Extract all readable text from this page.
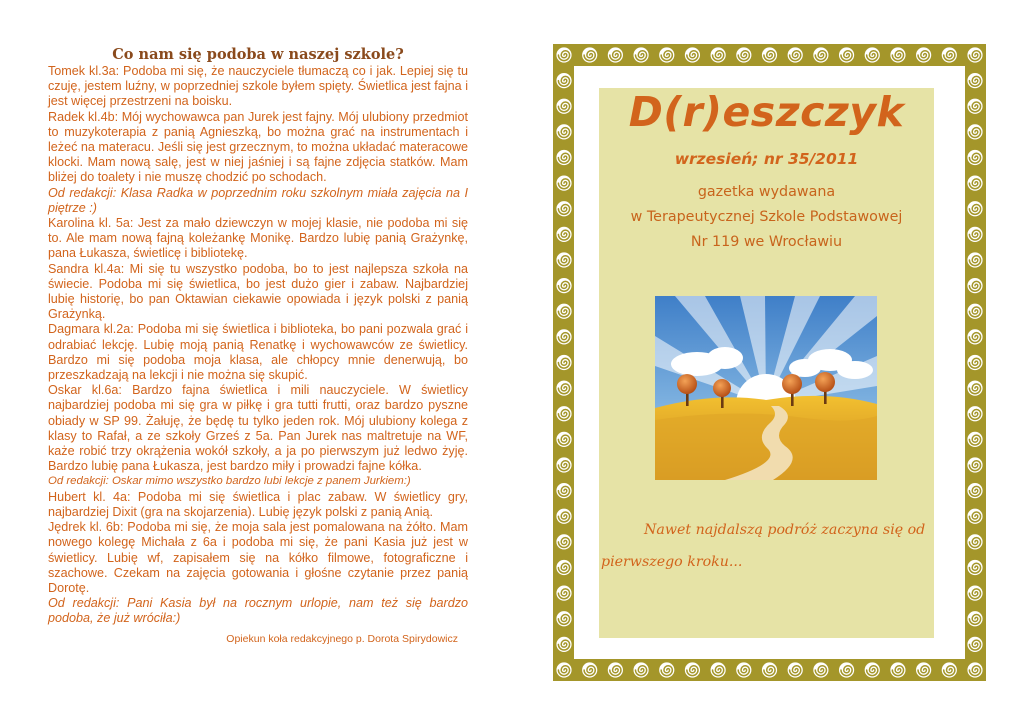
Co nam się podoba w naszej szkole?

Tomek kl.3a: Podoba mi się, że nauczyciele tłumaczą co i jak. Lepiej się tu czuję, jestem luźny, w poprzedniej szkole byłem spięty. Świetlica jest fajna i jest więcej przestrzeni na boisku.

Radek kl.4b: Mój wychowawca pan Jurek jest fajny. Mój ulubiony przedmiot to muzykoterapia z panią Agnieszką, bo można grać na instrumentach i leżeć na materacu. Jeśli się jest grzecznym, to można układać materacowe klocki. Mam nową salę, jest w niej jaśniej i są fajne zdjęcia statków. Mam bliżej do toalety i nie muszę chodzić po schodach.

Od redakcji: Klasa Radka w poprzednim roku szkolnym miała zajęcia na I piętrze :)

Karolina kl. 5a: Jest za mało dziewczyn w mojej klasie, nie podoba mi się to. Ale mam nową fajną koleżankę Monikę. Bardzo lubię panią Grażynkę, pana Łukasza, świetlicę i bibliotekę.

Sandra kl.4a: Mi się tu wszystko podoba, bo to jest najlepsza szkoła na świecie. Podoba mi się świetlica, bo jest dużo gier i zabaw. Najbardziej lubię historię, bo pan Oktawian ciekawie opowiada i język polski z panią Grażynką.

Dagmara kl.2a: Podoba mi się świetlica i biblioteka, bo pani pozwala grać i odrabiać lekcję. Lubię moją panią Renatkę i wychowawców ze świetlicy. Bardzo mi się podoba moja klasa, ale chłopcy mnie denerwują, bo przeszkadzają na lekcji i nie można się skupić.

Oskar kl.6a: Bardzo fajna świetlica i mili nauczyciele. W świetlicy najbardziej podoba mi się gra w piłkę i gra tutti frutti, oraz bardzo pyszne obiady w SP 99. Żałuję, że będę tu tylko jeden rok. Mój ulubiony kolega z klasy to Rafał, a ze szkoły Grześ z 5a. Pan Jurek nas maltretuje na WF, każe robić trzy okrążenia wokół szkoły, a ja po pierwszym już ledwo żyję. Bardzo lubię pana Łukasza, jest bardzo miły i prowadzi fajne kółka.

Od redakcji: Oskar mimo wszystko bardzo lubi lekcje z panem Jurkiem:)

Hubert kl. 4a: Podoba mi się świetlica i plac zabaw. W świetlicy gry, najbardziej Dixit (gra na skojarzenia). Lubię język polski z panią Anią.

Jędrek kl. 6b: Podoba mi się, że moja sala jest pomalowana na żółto. Mam nowego kolegę Michała z 6a i podoba mi się, że pani Kasia już jest w świetlicy. Lubię wf, zapisałem się na kółko filmowe, fotograficzne i szachowe. Czekam na zajęcia gotowania i głośne czytanie przez panią Dorotę.

Od redakcji: Pani Kasia był na rocznym urlopie, nam też się bardzo podoba, że już wróciła:)

Opiekun koła redakcyjnego p. Dorota Spirydowicz
D(r)eszczyk
wrzesień; nr 35/2011
gazetka wydawana
w Terapeutycznej Szkole Podstawowej
Nr 119 we Wrocławiu
Nawet najdalszą podróż zaczyna się od
pierwszego kroku...
